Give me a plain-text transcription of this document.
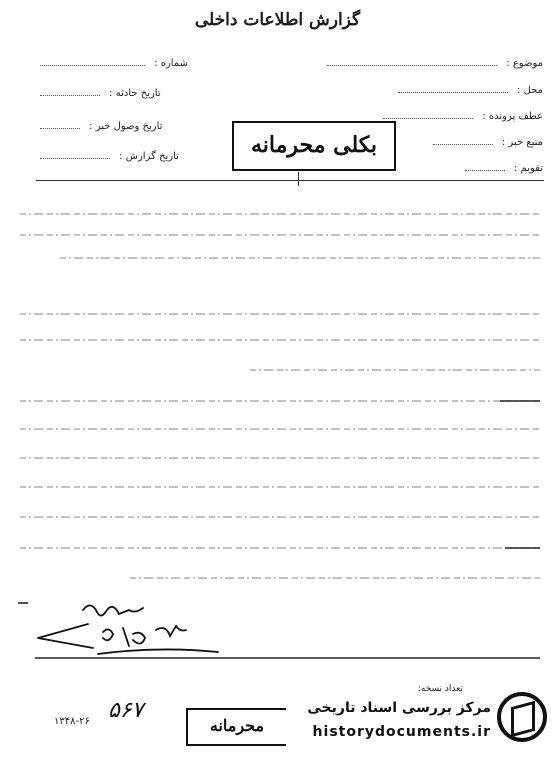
گزارش اطلاعات داخلی
موضوع :
محل :
عطف پرونده :
منبع خبر :
تقویم :
شماره :
تاریخ حادثه :
تاریخ وصول خبر :
تاریخ گزارش :	بکلی محرمانه
تعداد نسخه:
۵۶۷
۱۳۴۸-۲۶	محرمانه
مرکز بررسی اسناد تاریخی
historydocuments.ir
